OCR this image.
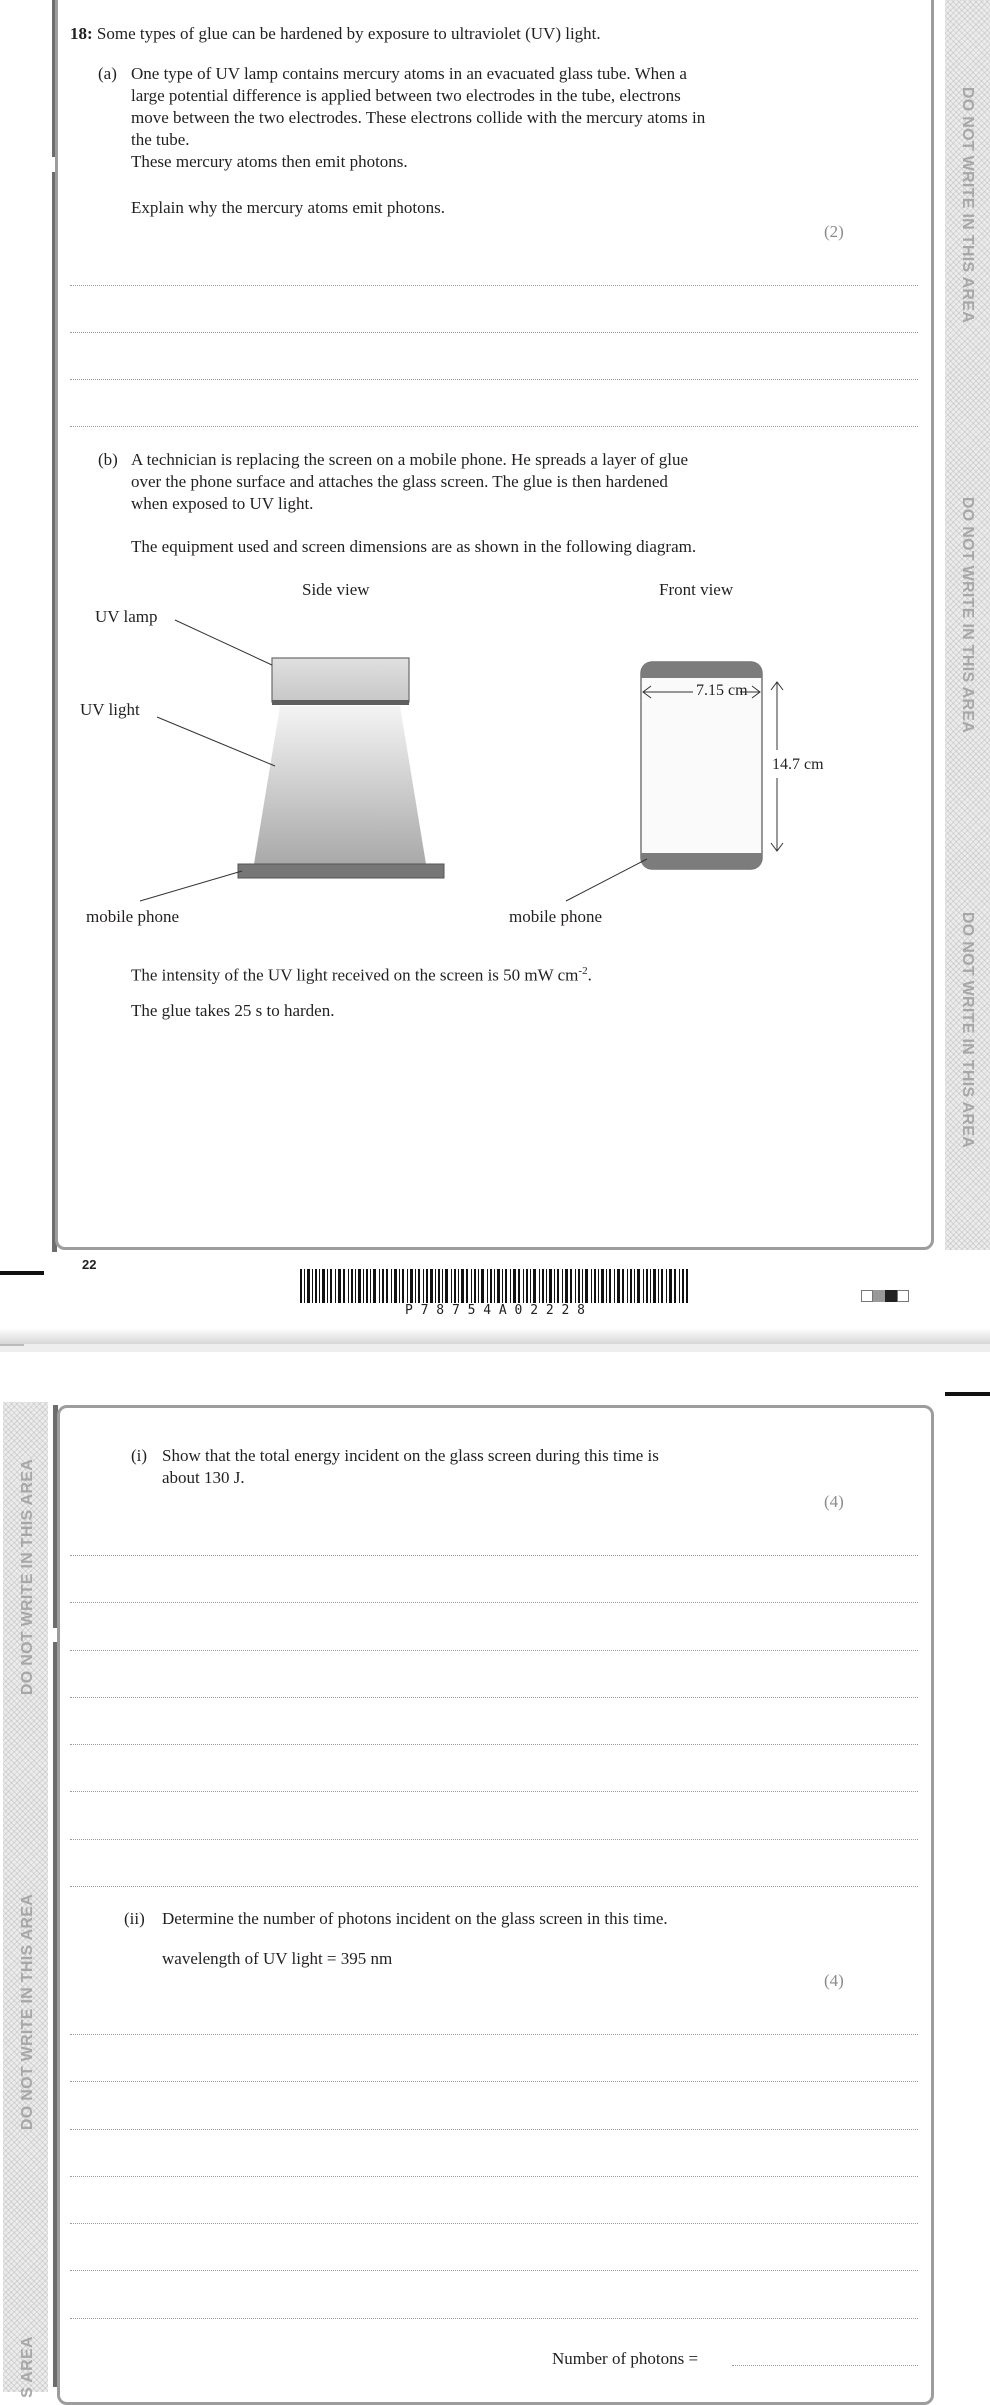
DO NOT WRITE IN THIS AREA
DO NOT WRITE IN THIS AREA
DO NOT WRITE IN THIS AREA
18: Some types of glue can be hardened by exposure to ultraviolet (UV) light.
(a) One type of UV lamp contains mercury atoms in an evacuated glass tube. When a
large potential difference is applied between two electrodes in the tube, electrons
move between the two electrodes. These electrons collide with the mercury atoms in
the tube.
These mercury atoms then emit photons.
Explain why the mercury atoms emit photons.
(2)
(b) A technician is replacing the screen on a mobile phone. He spreads a layer of glue
over the phone surface and attaches the glass screen. The glue is then hardened
when exposed to UV light.
The equipment used and screen dimensions are as shown in the following diagram.
Side view	Front view
UV lamp
UV light
mobile phone	mobile phone
7.15 cm
14.7 cm
The intensity of the UV light received on the screen is 50 mW $cm^{-2}$.
The glue takes 25 s to harden.
22
P 7 8 7 5 4 A 0 2 2 2 8
DO NOT WRITE IN THIS AREA
DO NOT WRITE IN THIS AREA
S AREA
(i) Show that the total energy incident on the glass screen during this time is
about 130 J.
(4)
(ii) Determine the number of photons incident on the glass screen in this time.
wavelength of UV light = 395 nm
(4)
Number of photons =
